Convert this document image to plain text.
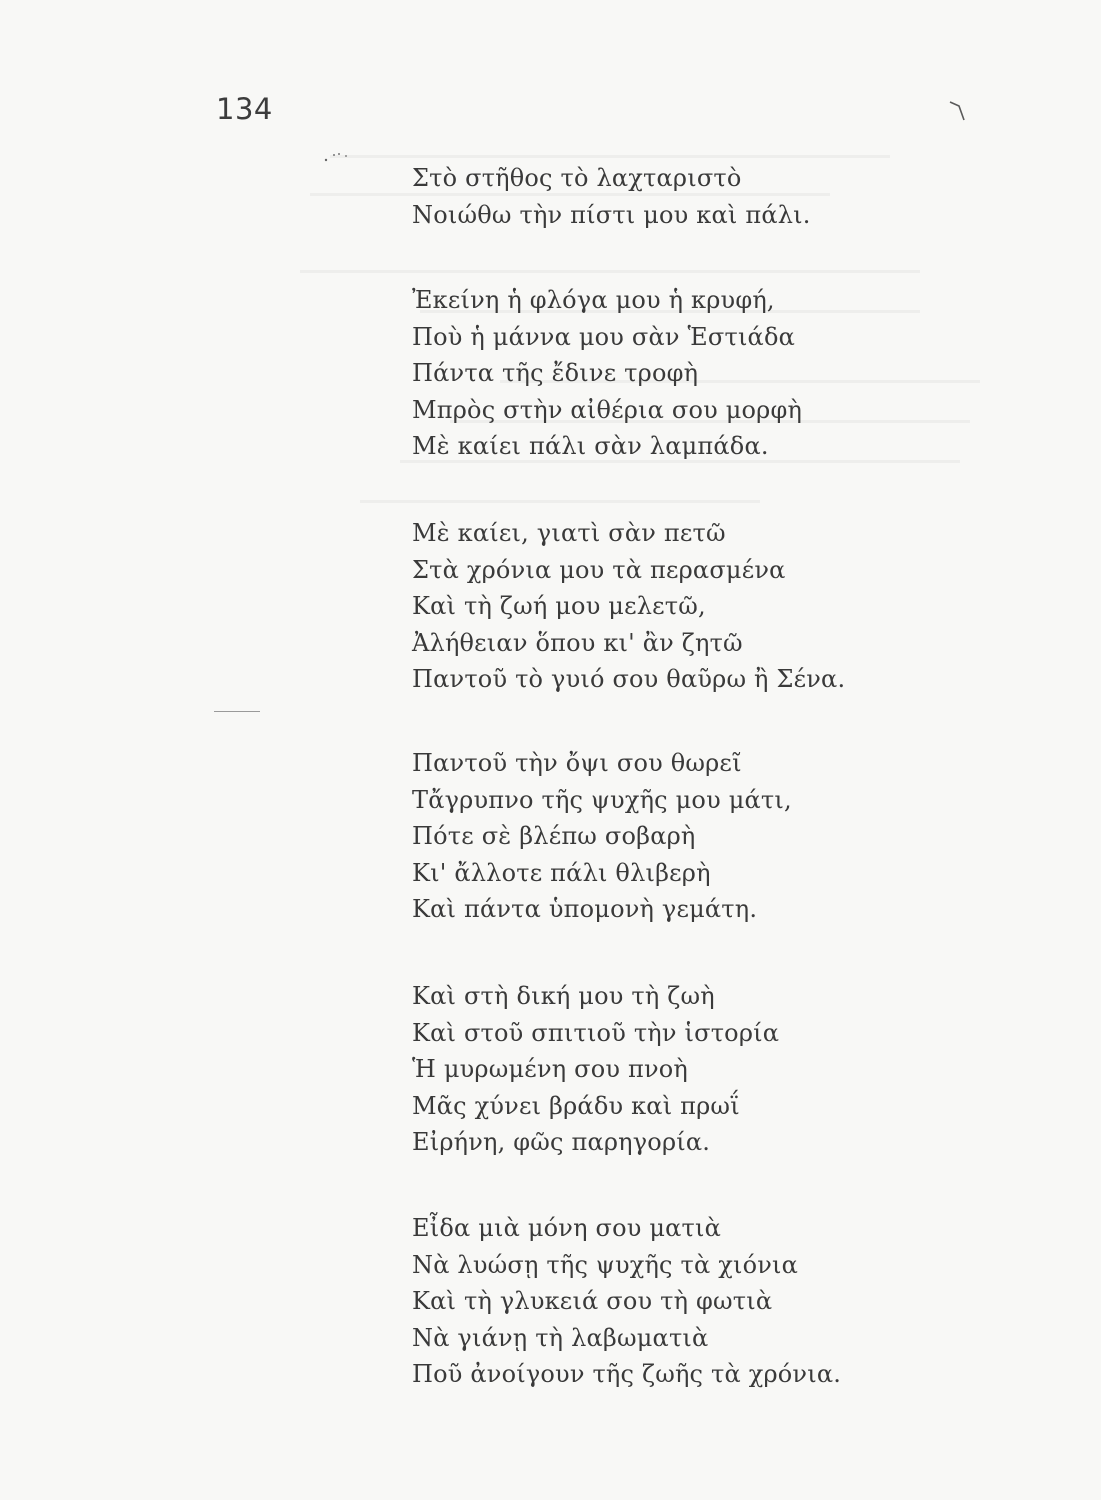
134
Στὸ στῆθος τὸ λαχταριστὸ
Νοιώθω τὴν πίστι μου καὶ πάλι.
Ἐκείνη ἡ φλόγα μου ἡ κρυφή,
Ποὺ ἡ μάννα μου σὰν Ἑστιάδα
Πάντα τῆς ἔδινε τροφὴ
Μπρὸς στὴν αἰθέρια σου μορφὴ
Μὲ καίει πάλι σὰν λαμπάδα.
Μὲ καίει, γιατὶ σὰν πετῶ
Στὰ χρόνια μου τὰ περασμένα
Καὶ τὴ ζωή μου μελετῶ,
Ἀλήθειαν ὅπου κι' ἂν ζητῶ
Παντοῦ τὸ γυιό σου θαῦρω ἢ Σένα.
Παντοῦ τὴν ὄψι σου θωρεῖ
Τἄγρυπνο τῆς ψυχῆς μου μάτι,
Πότε σὲ βλέπω σοβαρὴ
Κι' ἄλλοτε πάλι θλιβερὴ
Καὶ πάντα ὑπομονὴ γεμάτη.
Καὶ στὴ δική μου τὴ ζωὴ
Καὶ στοῦ σπιτιοῦ τὴν ἱστορία
Ἡ μυρωμένη σου πνοὴ
Μᾶς χύνει βράδυ καὶ πρωΐ
Εἰρήνη, φῶς παρηγορία.
Εἶδα μιὰ μόνη σου ματιὰ
Νὰ λυώσῃ τῆς ψυχῆς τὰ χιόνια
Καὶ τὴ γλυκειά σου τὴ φωτιὰ
Νὰ γιάνῃ τὴ λαβωματιὰ
Ποῦ ἀνοίγουν τῆς ζωῆς τὰ χρόνια.
